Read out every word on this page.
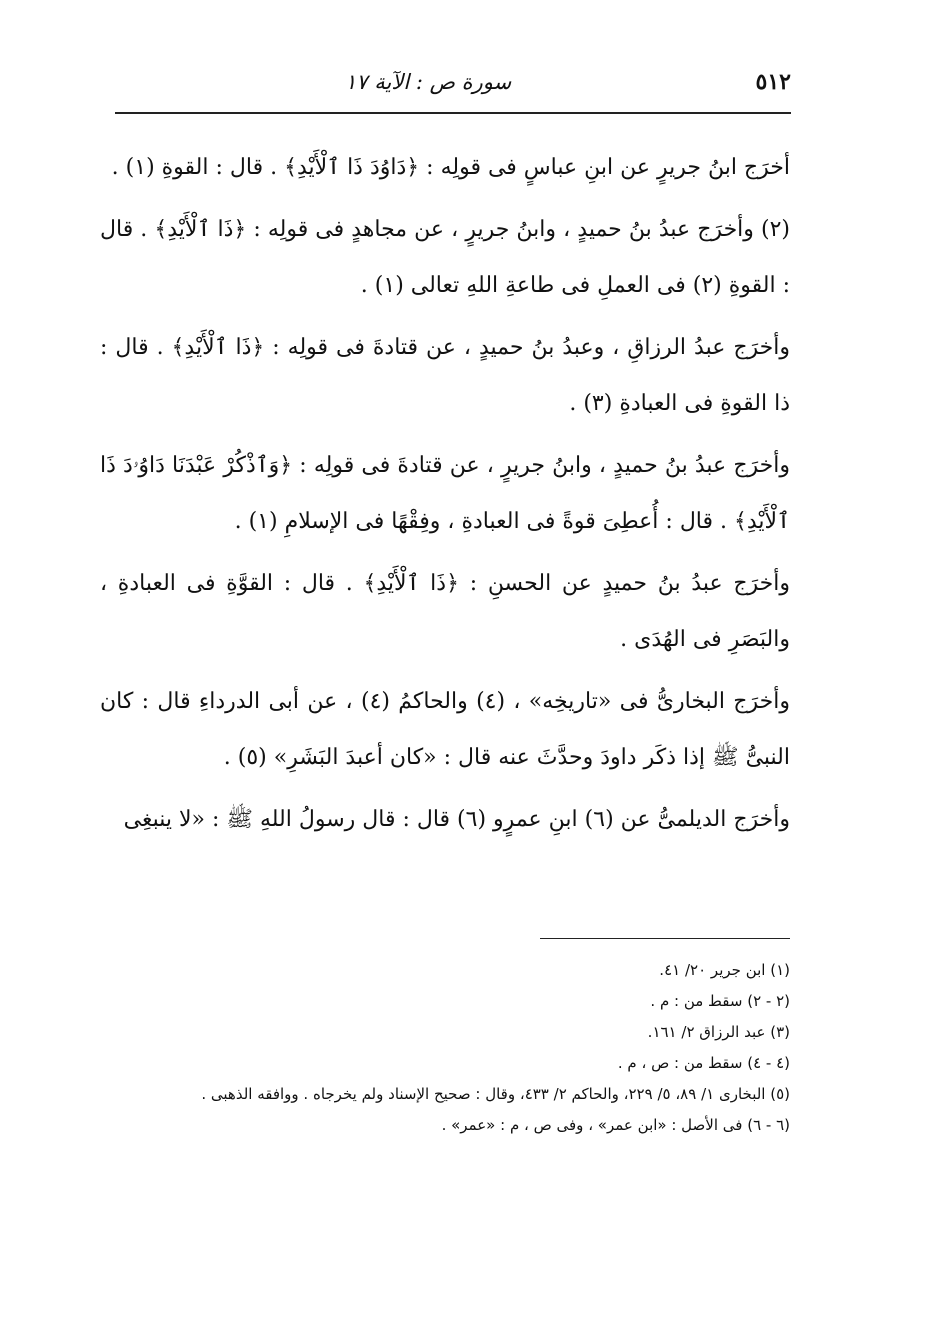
٥١٢
سورة ص : الآية ١٧

أخرَج ابنُ جريرٍ عن ابنِ عباسٍ فى قولِه : ﴿دَاوُدَ ذَا ٱلْأَيْدِ﴾ . قال : القوةِ (١) .

(٢) وأخرَج عبدُ بنُ حميدٍ ، وابنُ جريرٍ ، عن مجاهدٍ فى قولِه : ﴿ذَا ٱلْأَيْدِ﴾ . قال : القوةِ (٢) فى العملِ فى طاعةِ اللهِ تعالى (١) .

وأخرَج عبدُ الرزاقِ ، وعبدُ بنُ حميدٍ ، عن قتادةَ فى قولِه : ﴿ذَا ٱلْأَيْدِ﴾ . قال : ذا القوةِ فى العبادةِ (٣) .

وأخرَج عبدُ بنُ حميدٍ ، وابنُ جريرٍ ، عن قتادةَ فى قولِه : ﴿وَٱذْكُرْ عَبْدَنَا دَاوُۥدَ ذَا ٱلْأَيْدِ﴾ . قال : أُعطِىَ قوةً فى العبادةِ ، وفِقْهًا فى الإسلامِ (١) .

وأخرَج عبدُ بنُ حميدٍ عن الحسنِ : ﴿ذَا ٱلْأَيْدِ﴾ . قال : القوَّةِ فى العبادةِ ، والبَصَرِ فى الهُدَى .

وأخرَج البخارىُّ فى «تاريخِه» ، (٤) والحاكمُ (٤) ، عن أبى الدرداءِ قال : كان النبىُّ ﷺ إذا ذكَر داودَ وحدَّثَ عنه قال : «كان أعبدَ البَشَرِ» (٥) .

وأخرَج الديلمىُّ عن (٦) ابنِ عمرٍو (٦) قال : قال رسولُ اللهِ ﷺ : «لا ينبغِى

(١) ابن جرير ٢٠/ ٤١.

(٢ - ٢) سقط من : م .

(٣) عبد الرزاق ٢/ ١٦١.

(٤ - ٤) سقط من : ص ، م .

(٥) البخارى ١/ ٨٩، ٥/ ٢٢٩، والحاكم ٢/ ٤٣٣، وقال : صحيح الإسناد ولم يخرجاه . ووافقه الذهبى .

(٦ - ٦) فى الأصل : «ابن عمر» ، وفى ص ، م : «عمر» .
